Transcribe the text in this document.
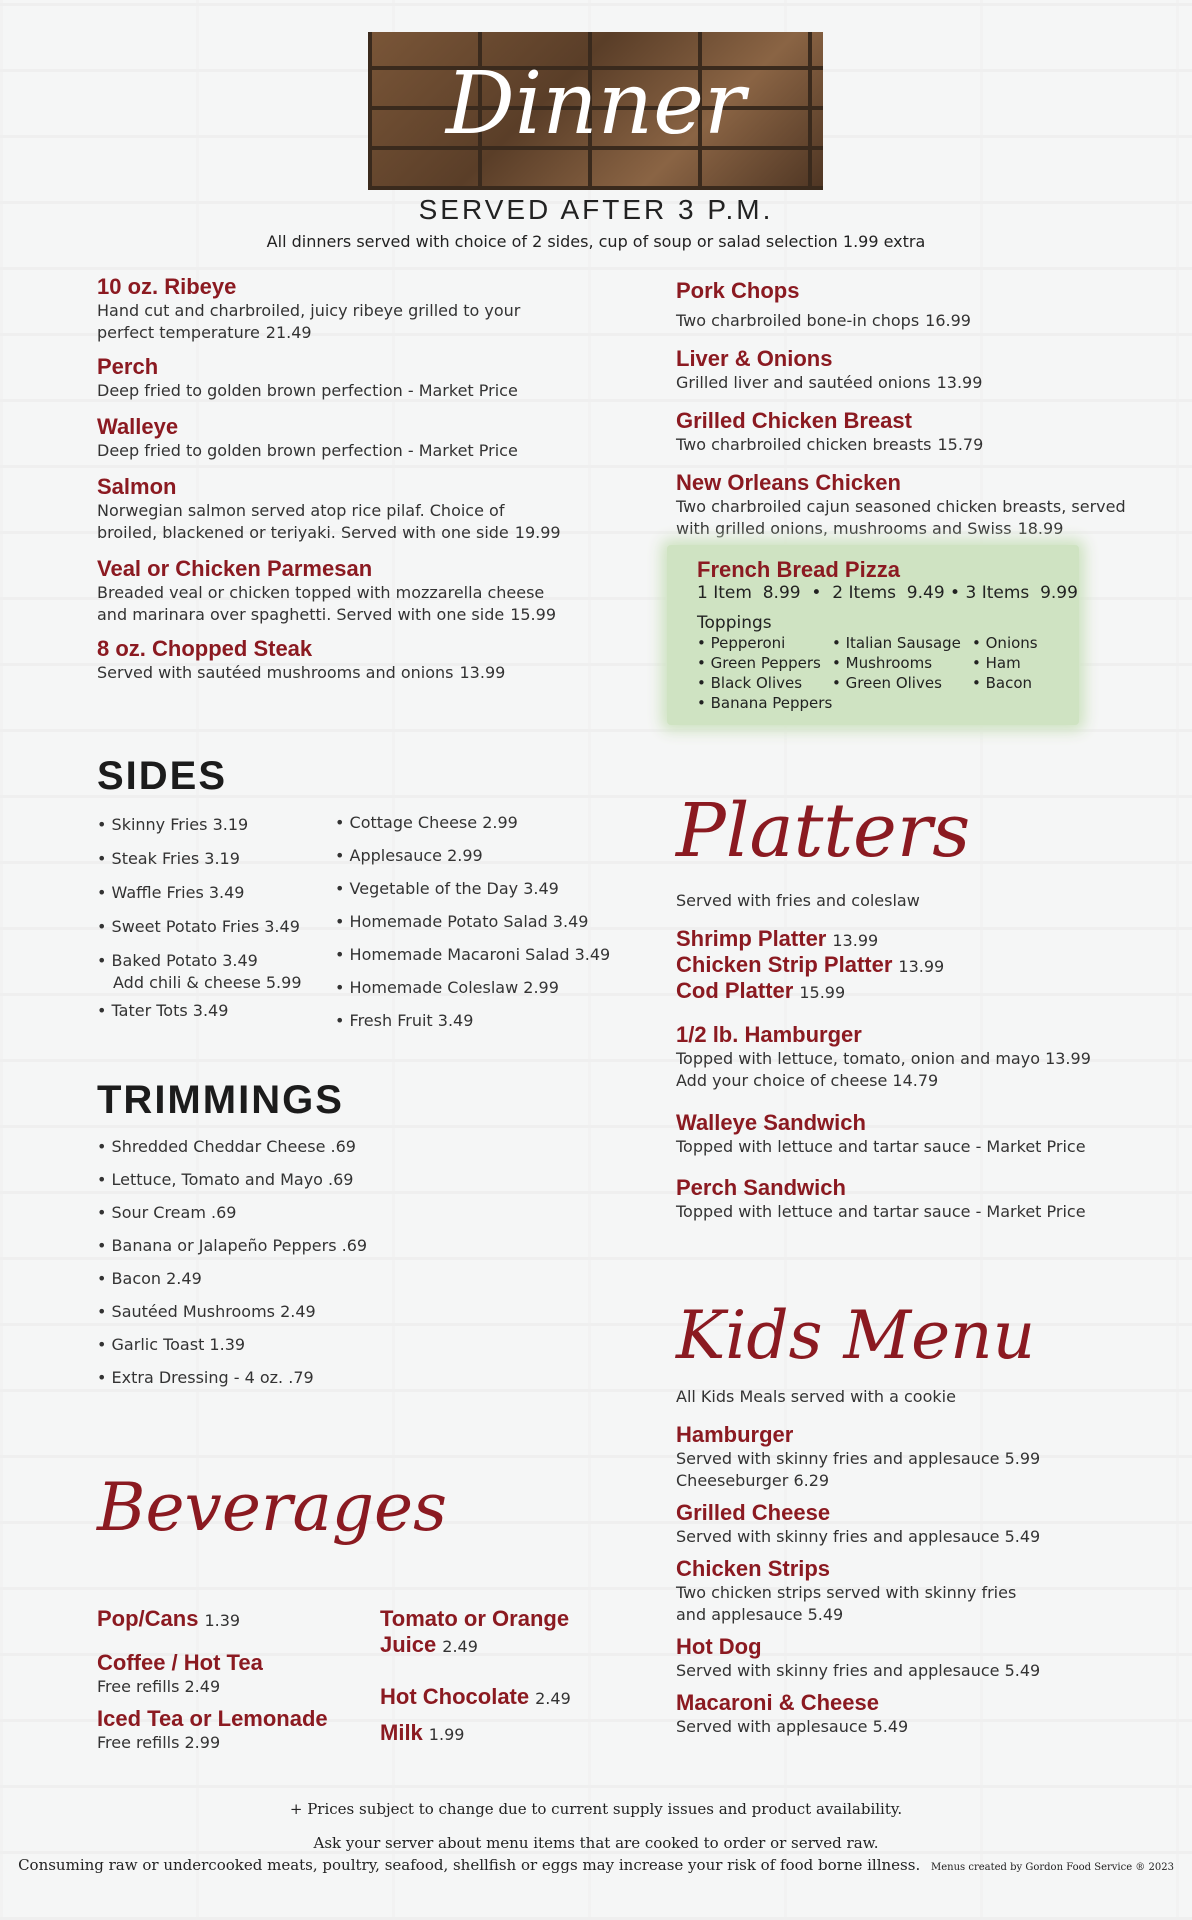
Dinner
SERVED AFTER 3 P.M.
All dinners served with choice of 2 sides, cup of soup or salad selection 1.99 extra
10 oz. Ribeye
Hand cut and charbroiled, juicy ribeye grilled to your perfect temperature 21.49
Perch
Deep fried to golden brown perfection - Market Price
Walleye
Deep fried to golden brown perfection - Market Price
Salmon
Norwegian salmon served atop rice pilaf. Choice of broiled, blackened or teriyaki. Served with one side 19.99
Veal or Chicken Parmesan
Breaded veal or chicken topped with mozzarella cheese and marinara over spaghetti. Served with one side 15.99
8 oz. Chopped Steak
Served with sautéed mushrooms and onions 13.99
Pork Chops
Two charbroiled bone-in chops 16.99
Liver & Onions
Grilled liver and sautéed onions 13.99
Grilled Chicken Breast
Two charbroiled chicken breasts 15.79
New Orleans Chicken
Two charbroiled cajun seasoned chicken breasts, served with grilled onions, mushrooms and Swiss 18.99
French Bread Pizza
1 Item  8.99  •  2 Items  9.49 • 3 Items  9.99
Toppings
• Pepperoni
• Green Peppers
• Black Olives
• Banana Peppers
• Italian Sausage
• Mushrooms
• Green Olives
• Onions
• Ham
• Bacon
SIDES
• Skinny Fries 3.19
• Steak Fries 3.19
• Waffle Fries 3.49
• Sweet Potato Fries 3.49
• Baked Potato 3.49
Add chili & cheese 5.99
• Tater Tots 3.49
• Cottage Cheese 2.99
• Applesauce 2.99
• Vegetable of the Day 3.49
• Homemade Potato Salad 3.49
• Homemade Macaroni Salad 3.49
• Homemade Coleslaw 2.99
• Fresh Fruit 3.49
TRIMMINGS
• Shredded Cheddar Cheese .69
• Lettuce, Tomato and Mayo .69
• Sour Cream .69
• Banana or Jalapeño Peppers .69
• Bacon 2.49
• Sautéed Mushrooms 2.49
• Garlic Toast 1.39
• Extra Dressing - 4 oz. .79
Beverages
Pop/Cans 1.39
Coffee / Hot Tea
Free refills 2.49
Iced Tea or Lemonade
Free refills 2.99
Tomato or Orange
Juice 2.49
Hot Chocolate 2.49
Milk 1.99
Platters
Served with fries and coleslaw
Shrimp Platter 13.99
Chicken Strip Platter 13.99
Cod Platter 15.99
1/2 lb. Hamburger
Topped with lettuce, tomato, onion and mayo 13.99
Add your choice of cheese 14.79
Walleye Sandwich
Topped with lettuce and tartar sauce - Market Price
Perch Sandwich
Topped with lettuce and tartar sauce - Market Price
Kids Menu
All Kids Meals served with a cookie
Hamburger
Served with skinny fries and applesauce 5.99
Cheeseburger 6.29
Grilled Cheese
Served with skinny fries and applesauce 5.49
Chicken Strips
Two chicken strips served with skinny fries
and applesauce 5.49
Hot Dog
Served with skinny fries and applesauce 5.49
Macaroni & Cheese
Served with applesauce 5.49
+ Prices subject to change due to current supply issues and product availability.
Ask your server about menu items that are cooked to order or served raw.
Consuming raw or undercooked meats, poultry, seafood, shellfish or eggs may increase your risk of food borne illness. Menus created by Gordon Food Service ® 2023
